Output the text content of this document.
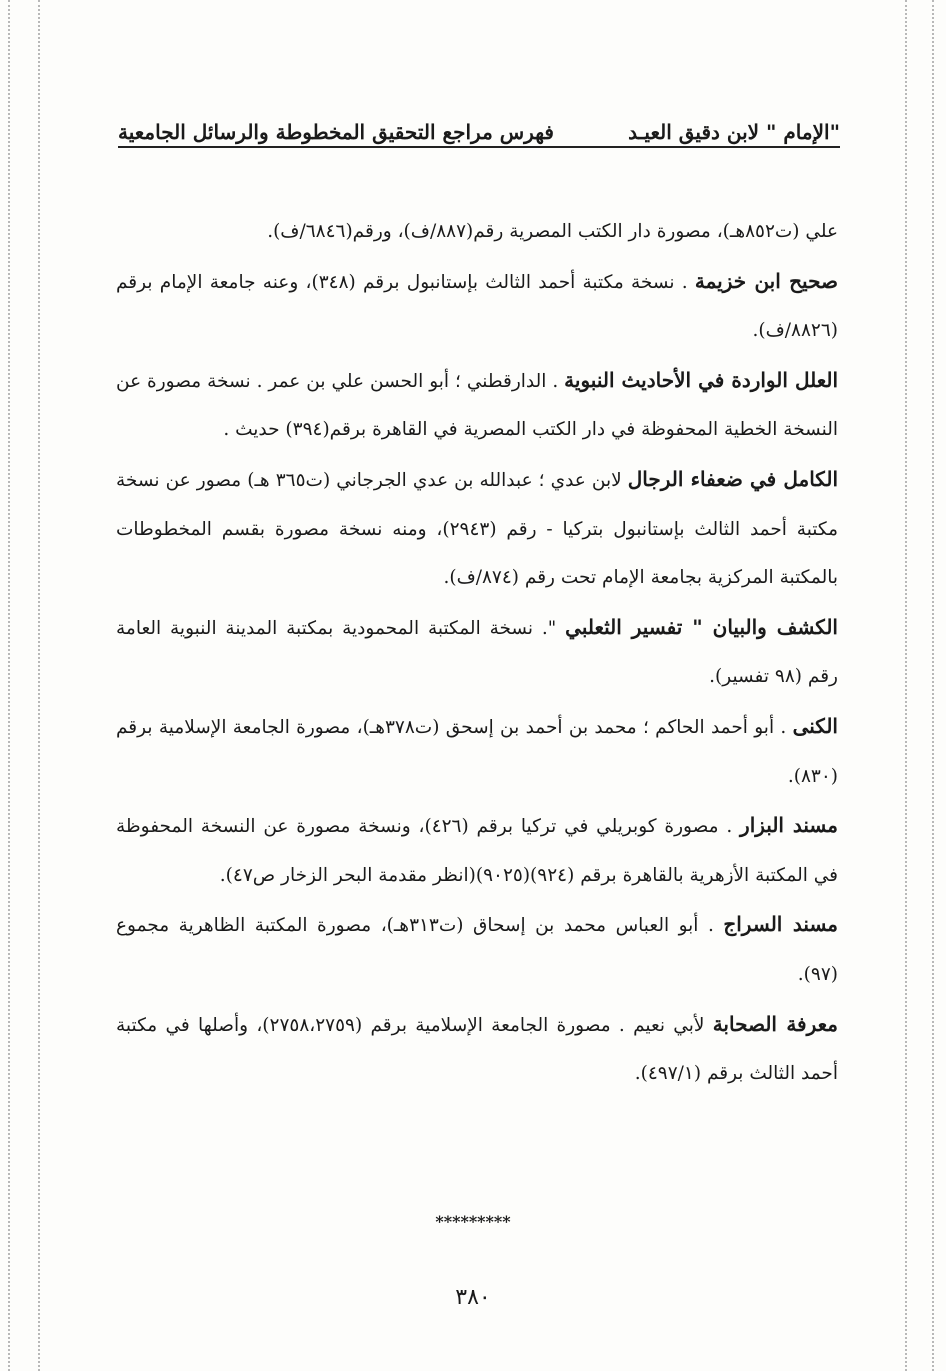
"الإمام " لابن دقيق العيـد
فهرس مراجع التحقيق المخطوطة والرسائل الجامعية

علي (ت٨٥٢هـ)، مصورة دار الكتب المصرية رقم(٨٨٧/ف)، ورقم(٦٨٤٦/ف).

صحيح ابن خزيمة . نسخة مكتبة أحمد الثالث بإستانبول برقم (٣٤٨)، وعنه جامعة الإمام برقم (٨٨٢٦/ف).

العلل الواردة في الأحاديث النبوية . الدارقطني ؛ أبو الحسن علي بن عمر . نسخة مصورة عن النسخة الخطية المحفوظة في دار الكتب المصرية في القاهرة برقم(٣٩٤) حديث .

الكامل في ضعفاء الرجال لابن عدي ؛ عبدالله بن عدي الجرجاني (ت٣٦٥ هـ) مصور عن نسخة مكتبة أحمد الثالث بإستانبول بتركيا - رقم (٢٩٤٣)، ومنه نسخة مصورة بقسم المخطوطات بالمكتبة المركزية بجامعة الإمام تحت رقم (٨٧٤/ف).

الكشف والبيان " تفسير الثعلبي ". نسخة المكتبة المحمودية بمكتبة المدينة النبوية العامة رقم (٩٨ تفسير).

الكنى . أبو أحمد الحاكم ؛ محمد بن أحمد بن إسحق (ت٣٧٨هـ)، مصورة الجامعة الإسلامية برقم (٨٣٠).

مسند البزار . مصورة كوبريلي في تركيا برقم (٤٢٦)، ونسخة مصورة عن النسخة المحفوظة في المكتبة الأزهرية بالقاهرة برقم (٩٢٤)(٩٠٢٥)(انظر مقدمة البحر الزخار ص٤٧).

مسند السراج . أبو العباس محمد بن إسحاق (ت٣١٣هـ)، مصورة المكتبة الظاهرية مجموع (٩٧).

معرفة الصحابة لأبي نعيم . مصورة الجامعة الإسلامية برقم (٢٧٥٨،٢٧٥٩)، وأصلها في مكتبة أحمد الثالث برقم (٤٩٧/١).

*********
٣٨٠
